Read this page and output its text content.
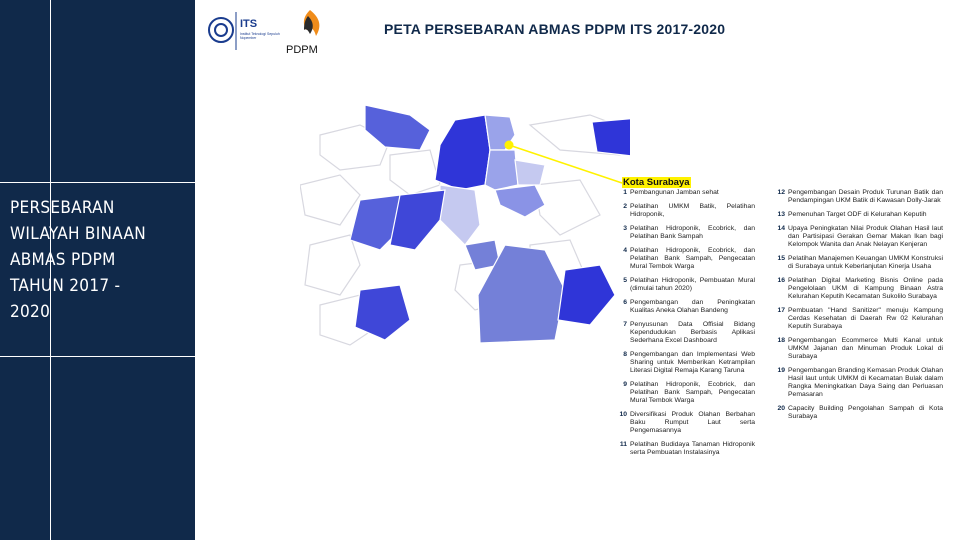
PERSEBARAN
WILAYAH BINAAN
ABMAS PDPM
TAHUN 2017 -
2020
ITS
Institut Teknologi Sepuluh Nopember
PDPM
PETA PERSEBARAN ABMAS PDPM ITS 2017-2020
Kota Surabaya
1 Pembangunan Jamban sehat
2 Pelatihan UMKM Batik, Pelatihan Hidroponik,
3 Pelatihan Hidroponik, Ecobrick, dan Pelatihan Bank Sampah
4 Pelatihan Hidroponik, Ecobrick, dan Pelatihan Bank Sampah, Pengecatan Mural Tembok Warga
5 Pelatihan Hidroponik, Pembuatan Mural (dimulai tahun 2020)
6 Pengembangan dan Peningkatan Kualitas Aneka Olahan Bandeng
7 Penyusunan Data Offisial Bidang Kependudukan Berbasis Aplikasi Sederhana Excel Dashboard
8 Pengembangan dan Implementasi Web Sharing untuk Memberikan Ketrampilan Literasi Digital Remaja Karang Taruna
9 Pelatihan Hidroponik, Ecobrick, dan Pelatihan Bank Sampah, Pengecatan Mural Tembok Warga
10 Diversifikasi Produk Olahan Berbahan Baku Rumput Laut serta Pengemasannya
11 Pelatihan Budidaya Tanaman Hidroponik serta Pembuatan Instalasinya
12 Pengembangan Desain Produk Turunan Batik dan Pendampingan UKM Batik di Kawasan Dolly-Jarak
13 Pemenuhan Target ODF di Kelurahan Keputih
14 Upaya Peningkatan Nilai Produk Olahan Hasil laut dan Partisipasi Gerakan Gemar Makan Ikan bagi Kelompok Wanita dan Anak Nelayan Kenjeran
15 Pelatihan Manajemen Keuangan UMKM Konstruksi di Surabaya untuk Keberlanjutan Kinerja Usaha
16 Pelatihan Digital Marketing Bisnis Online pada Pengelolaan UKM di Kampung Binaan Astra Kelurahan Keputih Kecamatan Sukolilo Surabaya
17 Pembuatan "Hand Sanitizer" menuju Kampung Cerdas Kesehatan di Daerah Rw 02 Kelurahan Keputih Surabaya
18 Pengembangan Ecommerce Multi Kanal untuk UMKM Jajanan dan Minuman Produk Lokal di Surabaya
19 Pengembangan Branding Kemasan Produk Olahan Hasil laut untuk UMKM di Kecamatan Bulak dalam Rangka Meningkatkan Daya Saing dan Perluasan Pemasaran
20 Capacity Building Pengolahan Sampah di Kota Surabaya
